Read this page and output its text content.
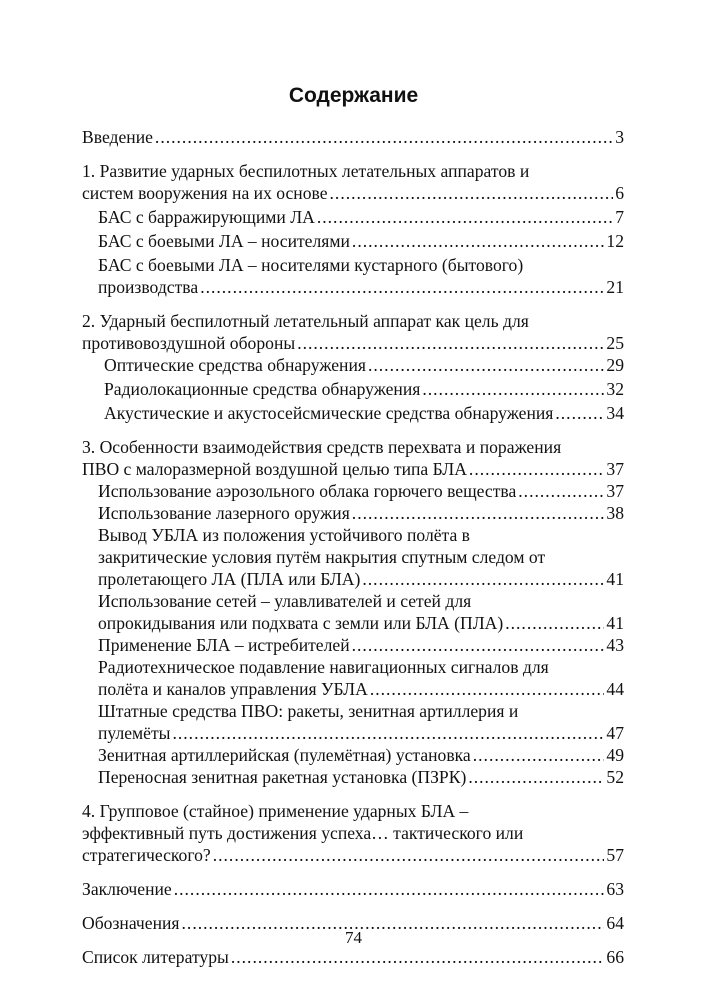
Содержание
Введение .....	3
1. Развитие ударных беспилотных летательных аппаратов и
систем вооружения на их основе .....	6
БАС с барражирующими ЛА .....	7
БАС с боевыми ЛА – носителями .....	12
БАС с боевыми ЛА – носителями кустарного (бытового)
производства .....	21
2. Ударный беспилотный летательный аппарат как цель для
противовоздушной обороны .....	25
Оптические средства обнаружения .....	29
Радиолокационные средства обнаружения .....	32
Акустические и акустосейсмические средства обнаружения .....	34
3. Особенности взаимодействия средств перехвата и поражения
ПВО с малоразмерной воздушной целью типа БЛА .....	37
Использование аэрозольного облака горючего вещества .....	37
Использование лазерного оружия .....	38
Вывод УБЛА из положения устойчивого полёта в
закритические условия путём накрытия спутным следом от
пролетающего ЛА (ПЛА или БЛА) .....	41
Использование сетей – улавливателей и сетей для
опрокидывания или подхвата с земли или БЛА (ПЛА) .....	41
Применение БЛА – истребителей .....	43
Радиотехническое подавление навигационных сигналов для
полёта и каналов управления УБЛА .....	44
Штатные средства ПВО: ракеты, зенитная артиллерия и
пулемёты .....	47
Зенитная артиллерийская (пулемётная) установка .....	49
Переносная зенитная ракетная установка (ПЗРК) .....	52
4. Групповое (стайное) применение ударных БЛА –
эффективный путь достижения успеха… тактического или
стратегического? .....	57
Заключение .....	63
Обозначения .....	64
Список литературы .....	66
74
